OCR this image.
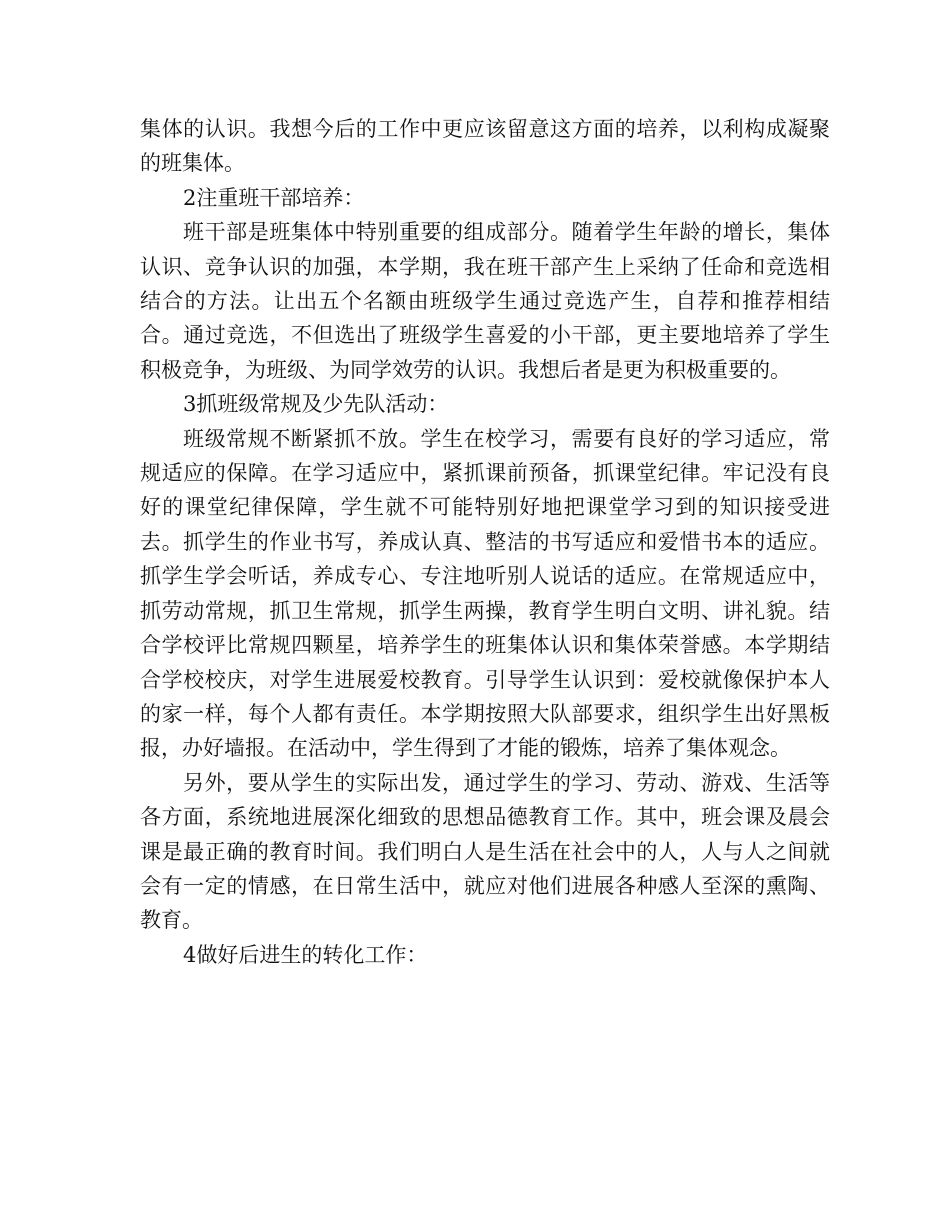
集体的认识。我想今后的工作中更应该留意这方面的培养，以利构成凝聚的班集体。

2注重班干部培养：

班干部是班集体中特别重要的组成部分。随着学生年龄的增长，集体认识、竞争认识的加强，本学期，我在班干部产生上采纳了任命和竞选相结合的方法。让出五个名额由班级学生通过竞选产生，自荐和推荐相结合。通过竞选，不但选出了班级学生喜爱的小干部，更主要地培养了学生积极竞争，为班级、为同学效劳的认识。我想后者是更为积极重要的。

3抓班级常规及少先队活动：

班级常规不断紧抓不放。学生在校学习，需要有良好的学习适应，常规适应的保障。在学习适应中，紧抓课前预备，抓课堂纪律。牢记没有良好的课堂纪律保障，学生就不可能特别好地把课堂学习到的知识接受进去。抓学生的作业书写，养成认真、整洁的书写适应和爱惜书本的适应。抓学生学会听话，养成专心、专注地听别人说话的适应。在常规适应中，抓劳动常规，抓卫生常规，抓学生两操，教育学生明白文明、讲礼貌。结合学校评比常规四颗星，培养学生的班集体认识和集体荣誉感。本学期结合学校校庆，对学生进展爱校教育。引导学生认识到：爱校就像保护本人的家一样，每个人都有责任。本学期按照大队部要求，组织学生出好黑板报，办好墙报。在活动中，学生得到了才能的锻炼，培养了集体观念。

另外，要从学生的实际出发，通过学生的学习、劳动、游戏、生活等各方面，系统地进展深化细致的思想品德教育工作。其中，班会课及晨会课是最正确的教育时间。我们明白人是生活在社会中的人，人与人之间就会有一定的情感，在日常生活中，就应对他们进展各种感人至深的熏陶、教育。

4做好后进生的转化工作：
